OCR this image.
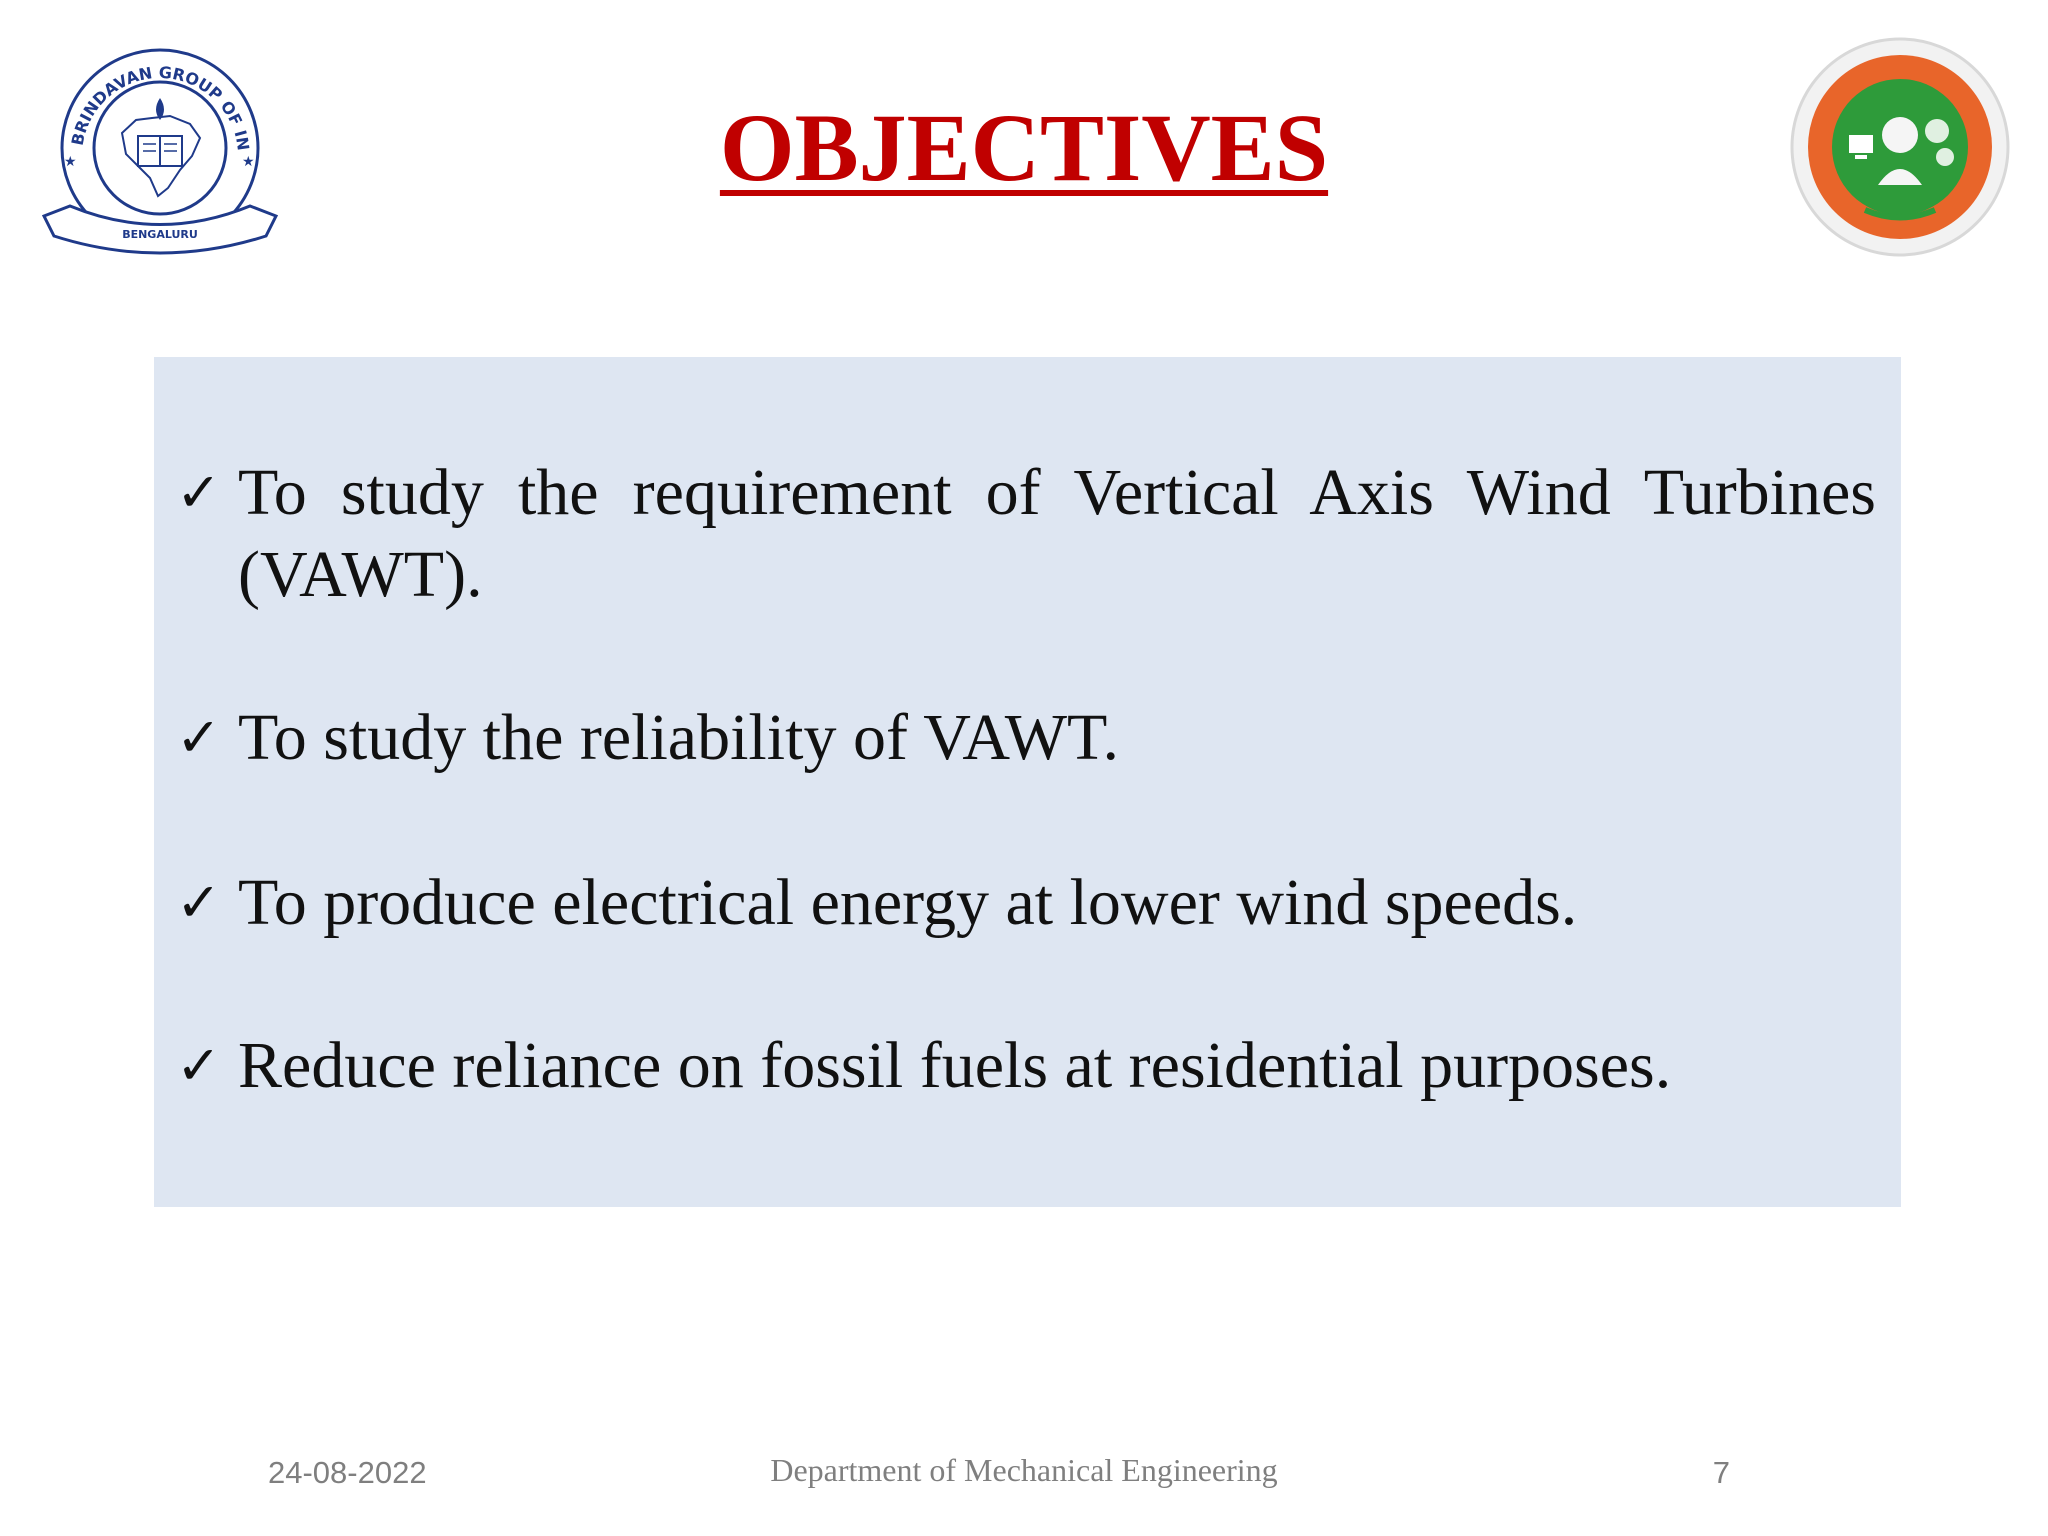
BRINDAVAN GROUP OF IN
★	★
BENGALURU
OBJECTIVES
✓ To study the requirement of Vertical Axis Wind Turbines
(VAWT).
✓ To study the reliability of VAWT.
✓ To produce electrical energy at lower wind speeds.
✓ Reduce reliance on fossil fuels at residential purposes.
24-08-2022	Department of Mechanical Engineering	7
